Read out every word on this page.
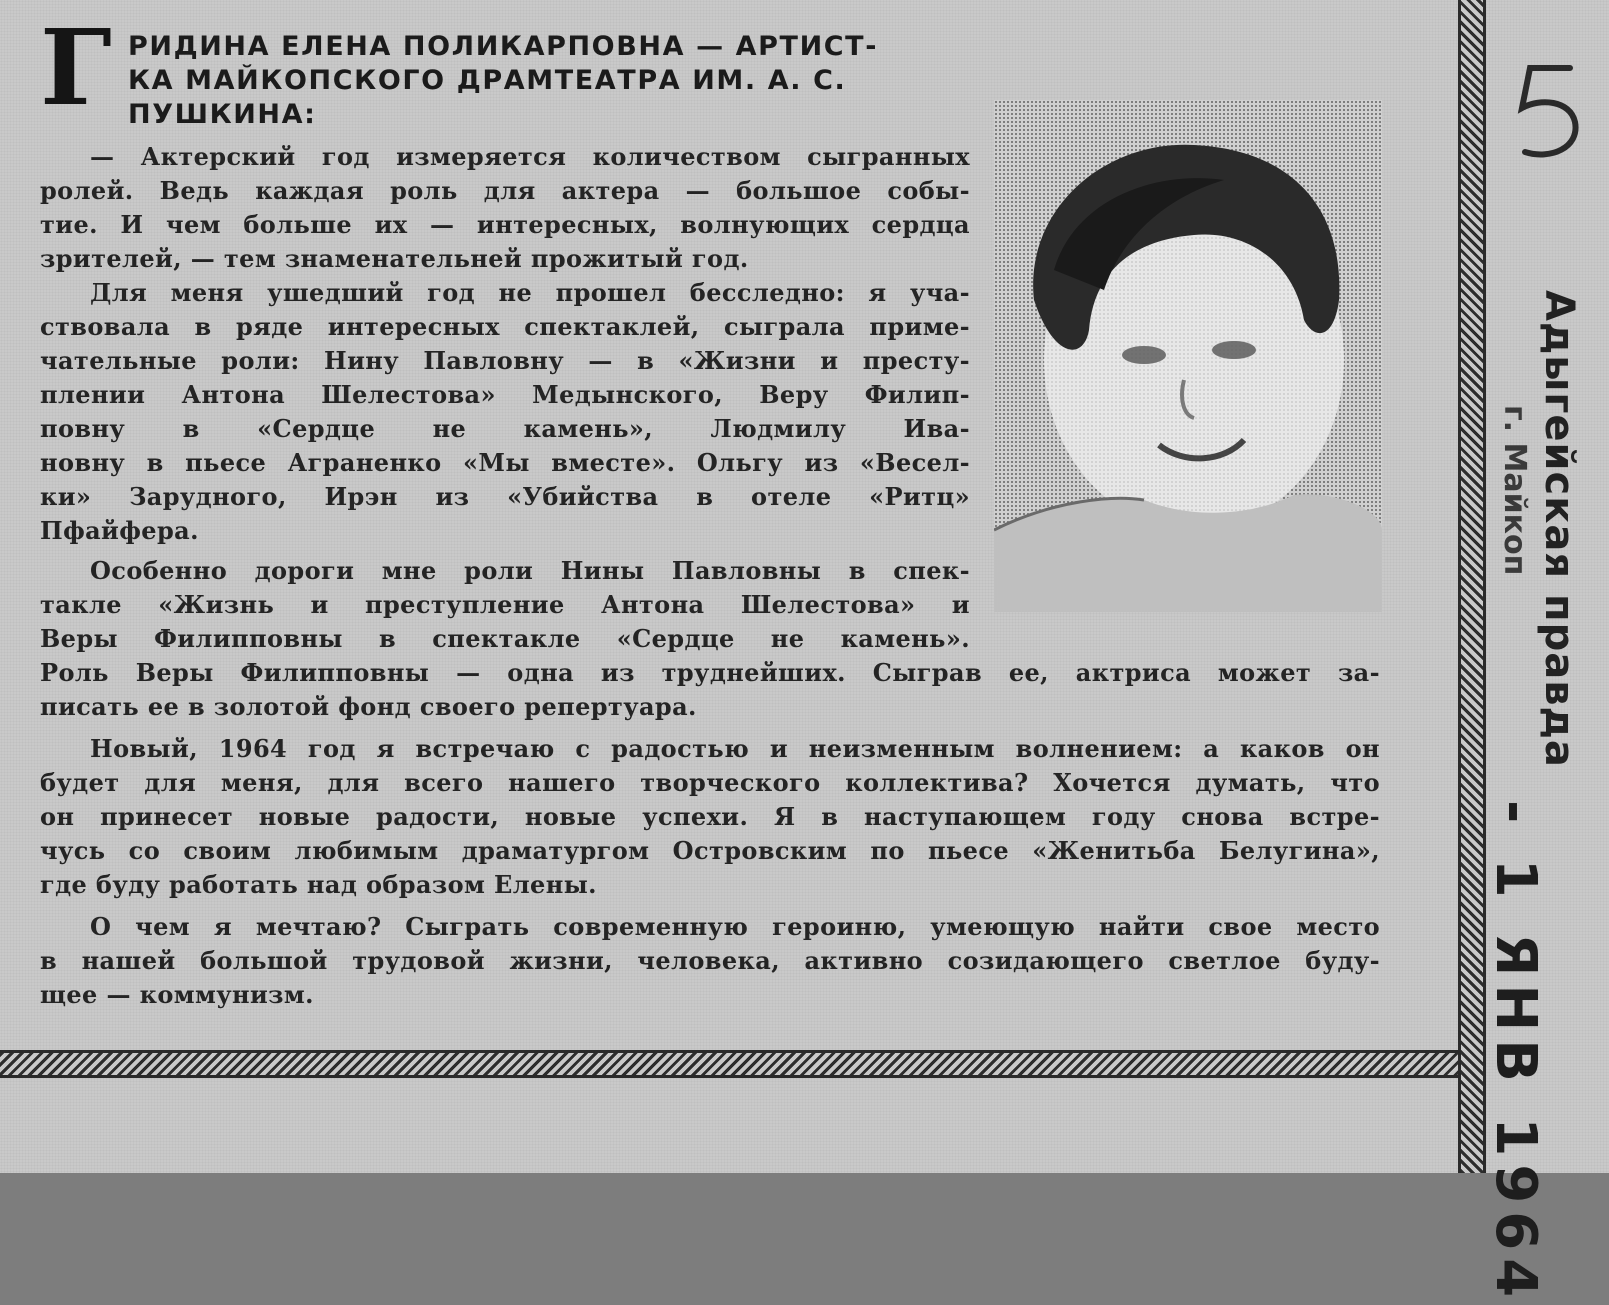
Г РИДИНА ЕЛЕНА ПОЛИКАРПОВНА — АРТИСТ-
КА МАЙКОПСКОГО ДРАМТЕАТРА ИМ. А. С.
ПУШКИНА:
— Актерский год измеряется количеством сыгранных
ролей. Ведь каждая роль для актера — большое собы-
тие. И чем больше их — интересных, волнующих сердца
зрителей, — тем знаменательней прожитый год.
Для меня ушедший год не прошел бесследно: я уча-
ствовала в ряде интересных спектаклей, сыграла приме-
чательные роли: Нину Павловну — в «Жизни и престу-
плении Антона Шелестова» Медынского, Веру Филип-
повну в «Сердце не камень», Людмилу Ива-
новну в пьесе Аграненко «Мы вместе». Ольгу из «Весел-
ки» Зарудного, Ирэн из «Убийства в отеле «Ритц»
Пфайфера.
Особенно дороги мне роли Нины Павловны в спек-
такле «Жизнь и преступление Антона Шелестова» и
Веры Филипповны в спектакле «Сердце не камень».
Роль Веры Филипповны — одна из труднейших. Сыграв ее, актриса может за-
писать ее в золотой фонд своего репертуара.
Новый, 1964 год я встречаю с радостью и неизменным волнением: а каков он
будет для меня, для всего нашего творческого коллектива? Хочется думать, что
он принесет новые радости, новые успехи. Я в наступающем году снова встре-
чусь со своим любимым драматургом Островским по пьесе «Женитьба Белугина»,
где буду работать над образом Елены.
О чем я мечтаю? Сыграть современную героиню, умеющую найти свое место
в нашей большой трудовой жизни, человека, активно созидающего светлое буду-
щее — коммунизм.
Адыгейская правда
г. Майкоп
- 1 ЯНВ 1964
